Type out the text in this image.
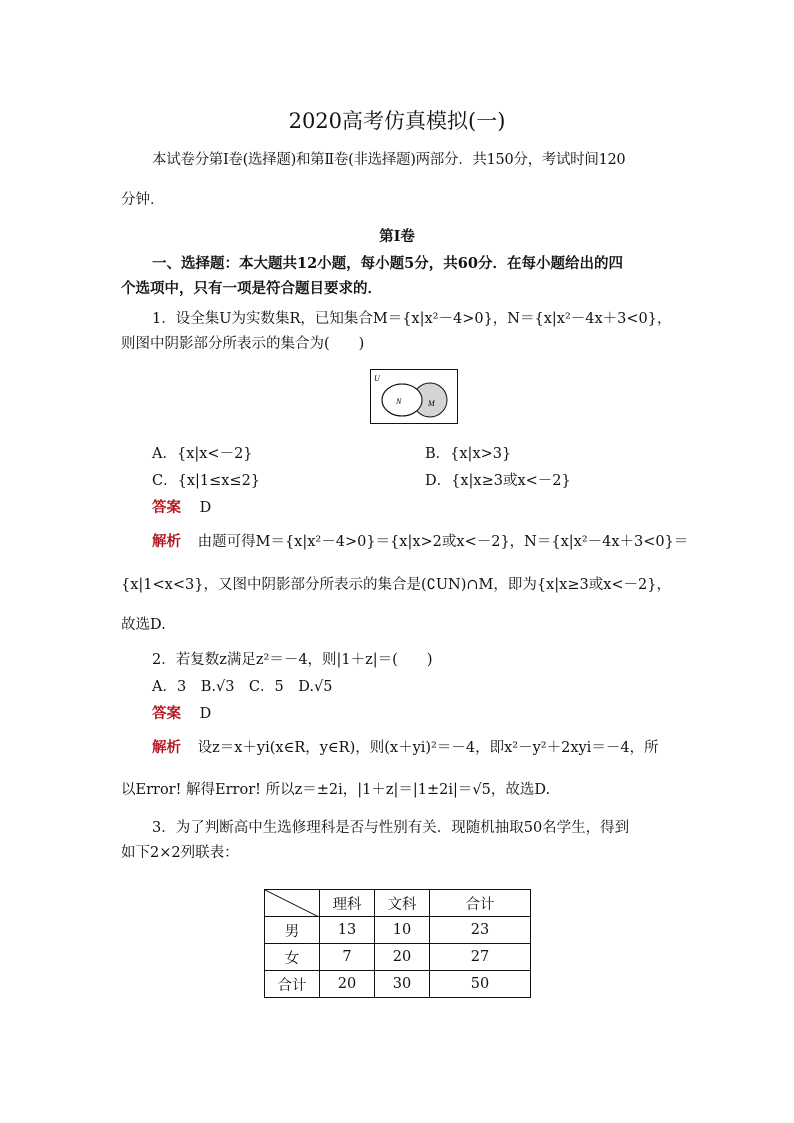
2020高考仿真模拟(一)
本试卷分第Ⅰ卷(选择题)和第Ⅱ卷(非选择题)两部分．共150分，考试时间120
分钟．
第Ⅰ卷
一、选择题：本大题共12小题，每小题5分，共60分．在每小题给出的四
个选项中，只有一项是符合题目要求的．
1．设全集U为实数集R，已知集合M＝{x|x²－4>0}，N＝{x|x²－4x＋3<0}，
则图中阴影部分所表示的集合为(　　)
U
N	M
A．{x|x<－2}	B．{x|x>3}
C．{x|1≤x≤2}	D．{x|x≥3或x<－2}
答案 D
解析 由题可得M＝{x|x²－4>0}＝{x|x>2或x<－2}，N＝{x|x²－4x＋3<0}＝
{x|1<x<3}，又图中阴影部分所表示的集合是(∁UN)∩M，即为{x|x≥3或x<－2}，
故选D.
2．若复数z满足z²＝－4，则|1＋z|＝(　　)
A．3　B.√3　C．5　D.√5
答案 D
解析 设z＝x＋yi(x∈R，y∈R)，则(x＋yi)²＝－4，即x²－y²＋2xyi＝－4，所
以Error! 解得Error! 所以z＝±2i，|1＋z|＝|1±2i|＝√5，故选D.
3．为了判断高中生选修理科是否与性别有关．现随机抽取50名学生，得到
如下2×2列联表：
	理科	文科	合计
男	13	10	23
女	7	20	27
合计	20	30	50
